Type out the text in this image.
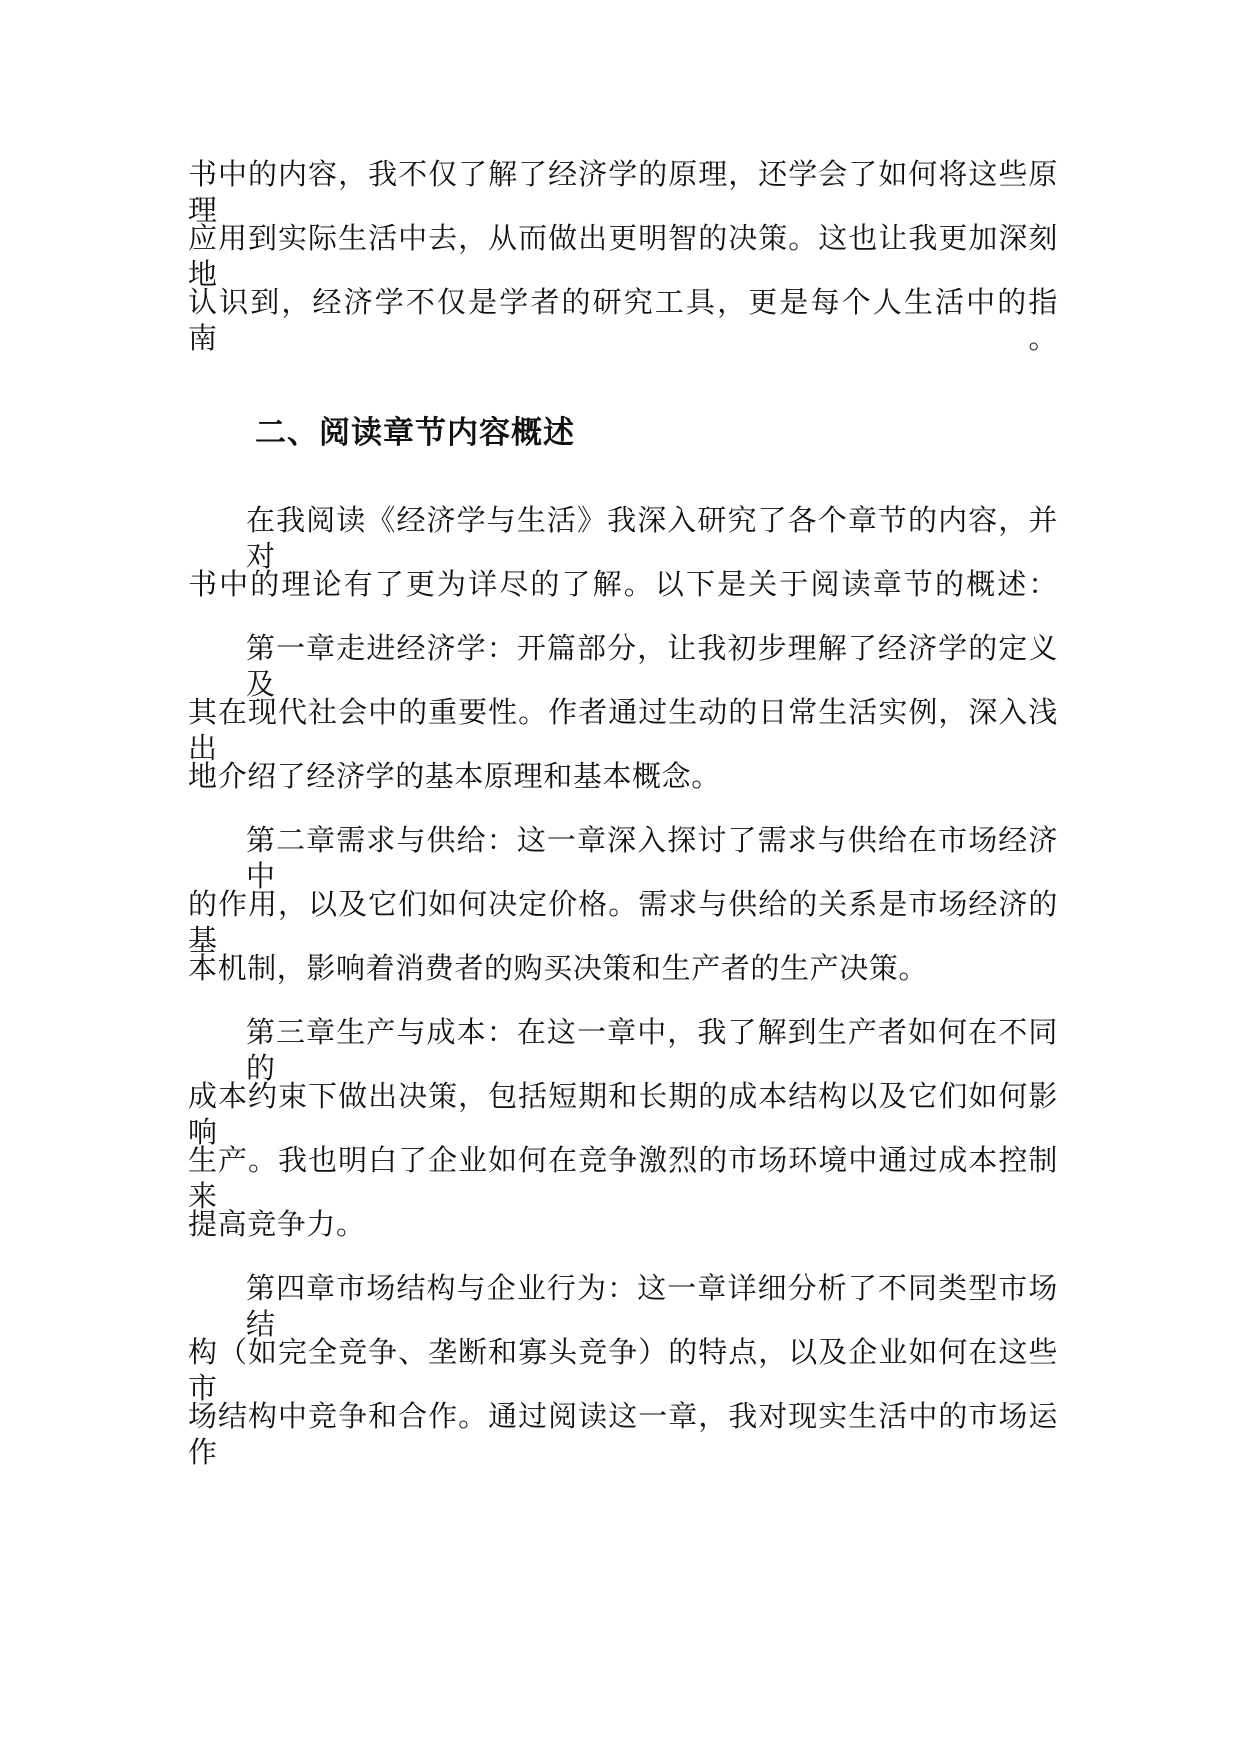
书中的内容，我不仅了解了经济学的原理，还学会了如何将这些原理
应用到实际生活中去，从而做出更明智的决策。这也让我更加深刻地
认识到，经济学不仅是学者的研究工具，更是每个人生活中的指南。
二、阅读章节内容概述
在我阅读《经济学与生活》我深入研究了各个章节的内容，并对
书中的理论有了更为详尽的了解。以下是关于阅读章节的概述：
第一章走进经济学：开篇部分，让我初步理解了经济学的定义及
其在现代社会中的重要性。作者通过生动的日常生活实例，深入浅出
地介绍了经济学的基本原理和基本概念。
第二章需求与供给：这一章深入探讨了需求与供给在市场经济中
的作用，以及它们如何决定价格。需求与供给的关系是市场经济的基
本机制，影响着消费者的购买决策和生产者的生产决策。
第三章生产与成本：在这一章中，我了解到生产者如何在不同的
成本约束下做出决策，包括短期和长期的成本结构以及它们如何影响
生产。我也明白了企业如何在竞争激烈的市场环境中通过成本控制来
提高竞争力。
第四章市场结构与企业行为：这一章详细分析了不同类型市场结
构（如完全竞争、垄断和寡头竞争）的特点，以及企业如何在这些市
场结构中竞争和合作。通过阅读这一章，我对现实生活中的市场运作
